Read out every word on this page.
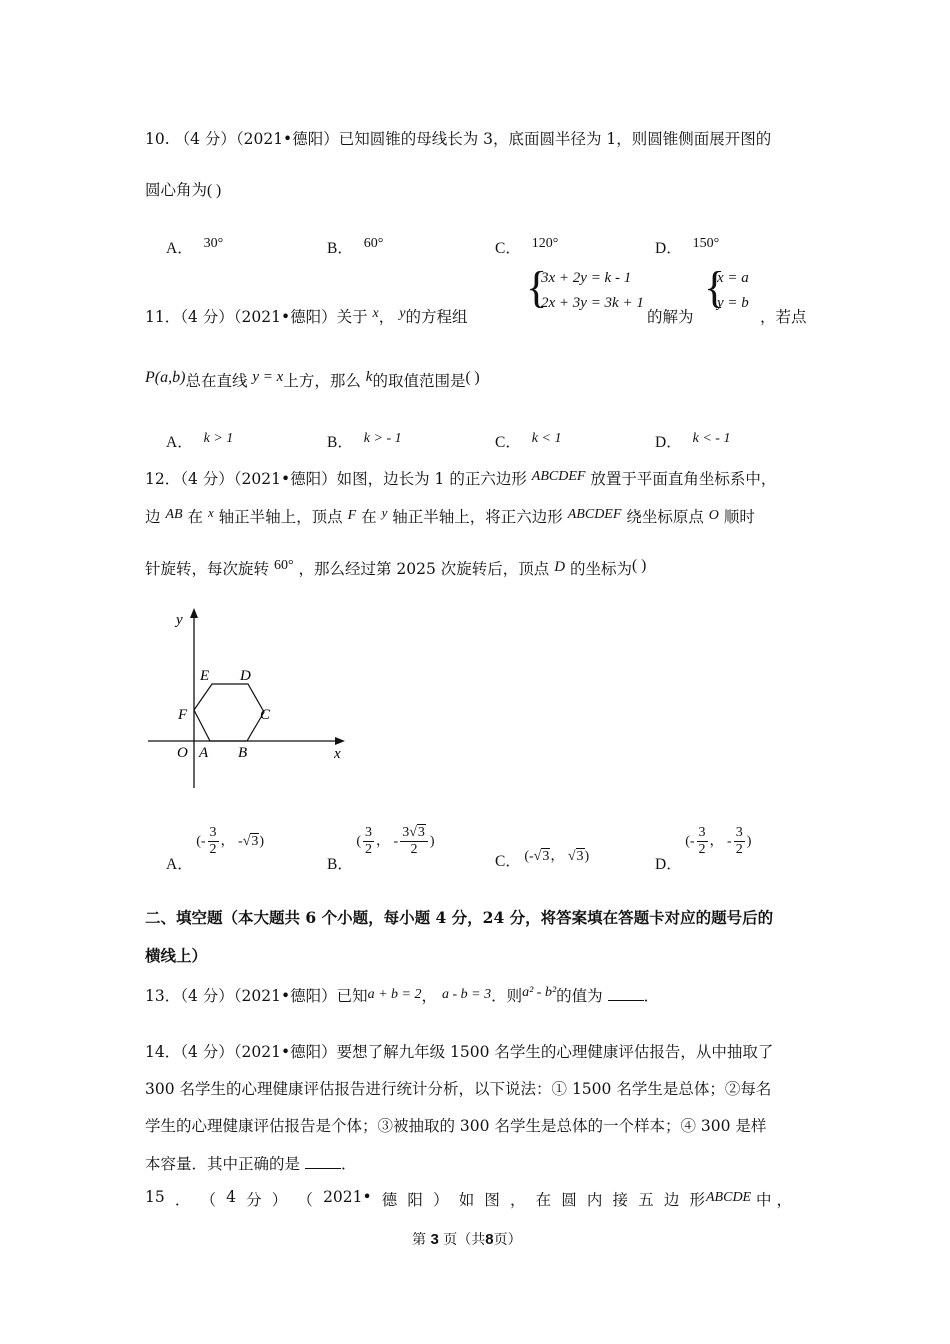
10. （4 分）（2021•德阳）已知圆锥的母线长为 3，底面圆半径为 1，则圆锥侧面展开图的
圆心角为( )
A． 30°	B． 60°	C． 120°	D． 150°
11．（4 分）（2021•德阳）关于 x， y的方程组
{
3x + 2y = k - 1
2x + 3y = 3k + 1
的解为
{
x = a
y = b
，若点
P(a,b)总在直线 y = x上方，那么 k的取值范围是( )
A． k > 1	B． k > - 1	C． k < 1	D． k < - 1
12．（4 分）（2021•德阳）如图，边长为 1 的正六边形 ABCDEF 放置于平面直角坐标系中，
边 AB 在 $^x$ 轴正半轴上，顶点 F 在 $^y$ 轴正半轴上，将正六边形 ABCDEF 绕坐标原点 O 顺时
针旋转，每次旋转 60° ，那么经过第 2025 次旋转后，顶点 D 的坐标为( )
y
x
E D
F	C
O A B
A． (- $\frac{3}{2}$ ， -√3)
B． ( $\frac{3}{2}$ ， - $\frac{3√3}{2}$ )
C． (-√3， √3)	D． (- $\frac{3}{2}$ ， - $\frac{3}{2}$ )
二、填空题（本大题共 6 个小题，每小题 4 分，24 分，将答案填在答题卡对应的题号后的
横线上）
13．（4 分）（2021•德阳）已知a + b = 2， a - b = 3．则a² - b²的值为	．
14．（4 分）（2021•德阳）要想了解九年级 1500 名学生的心理健康评估报告，从中抽取了
300 名学生的心理健康评估报告进行统计分析，以下说法：① 1500 名学生是总体；②每名
学生的心理健康评估报告是个体；③被抽取的 300 名学生是总体的一个样本；④ 300 是样
本容量．其中正确的是	．
15 ． （ 4 分 ） （ 2021• 德 阳 ） 如 图 ， 在 圆 内 接 五 边 形 ABCDE 中 ，
第 3 页（共8页）
